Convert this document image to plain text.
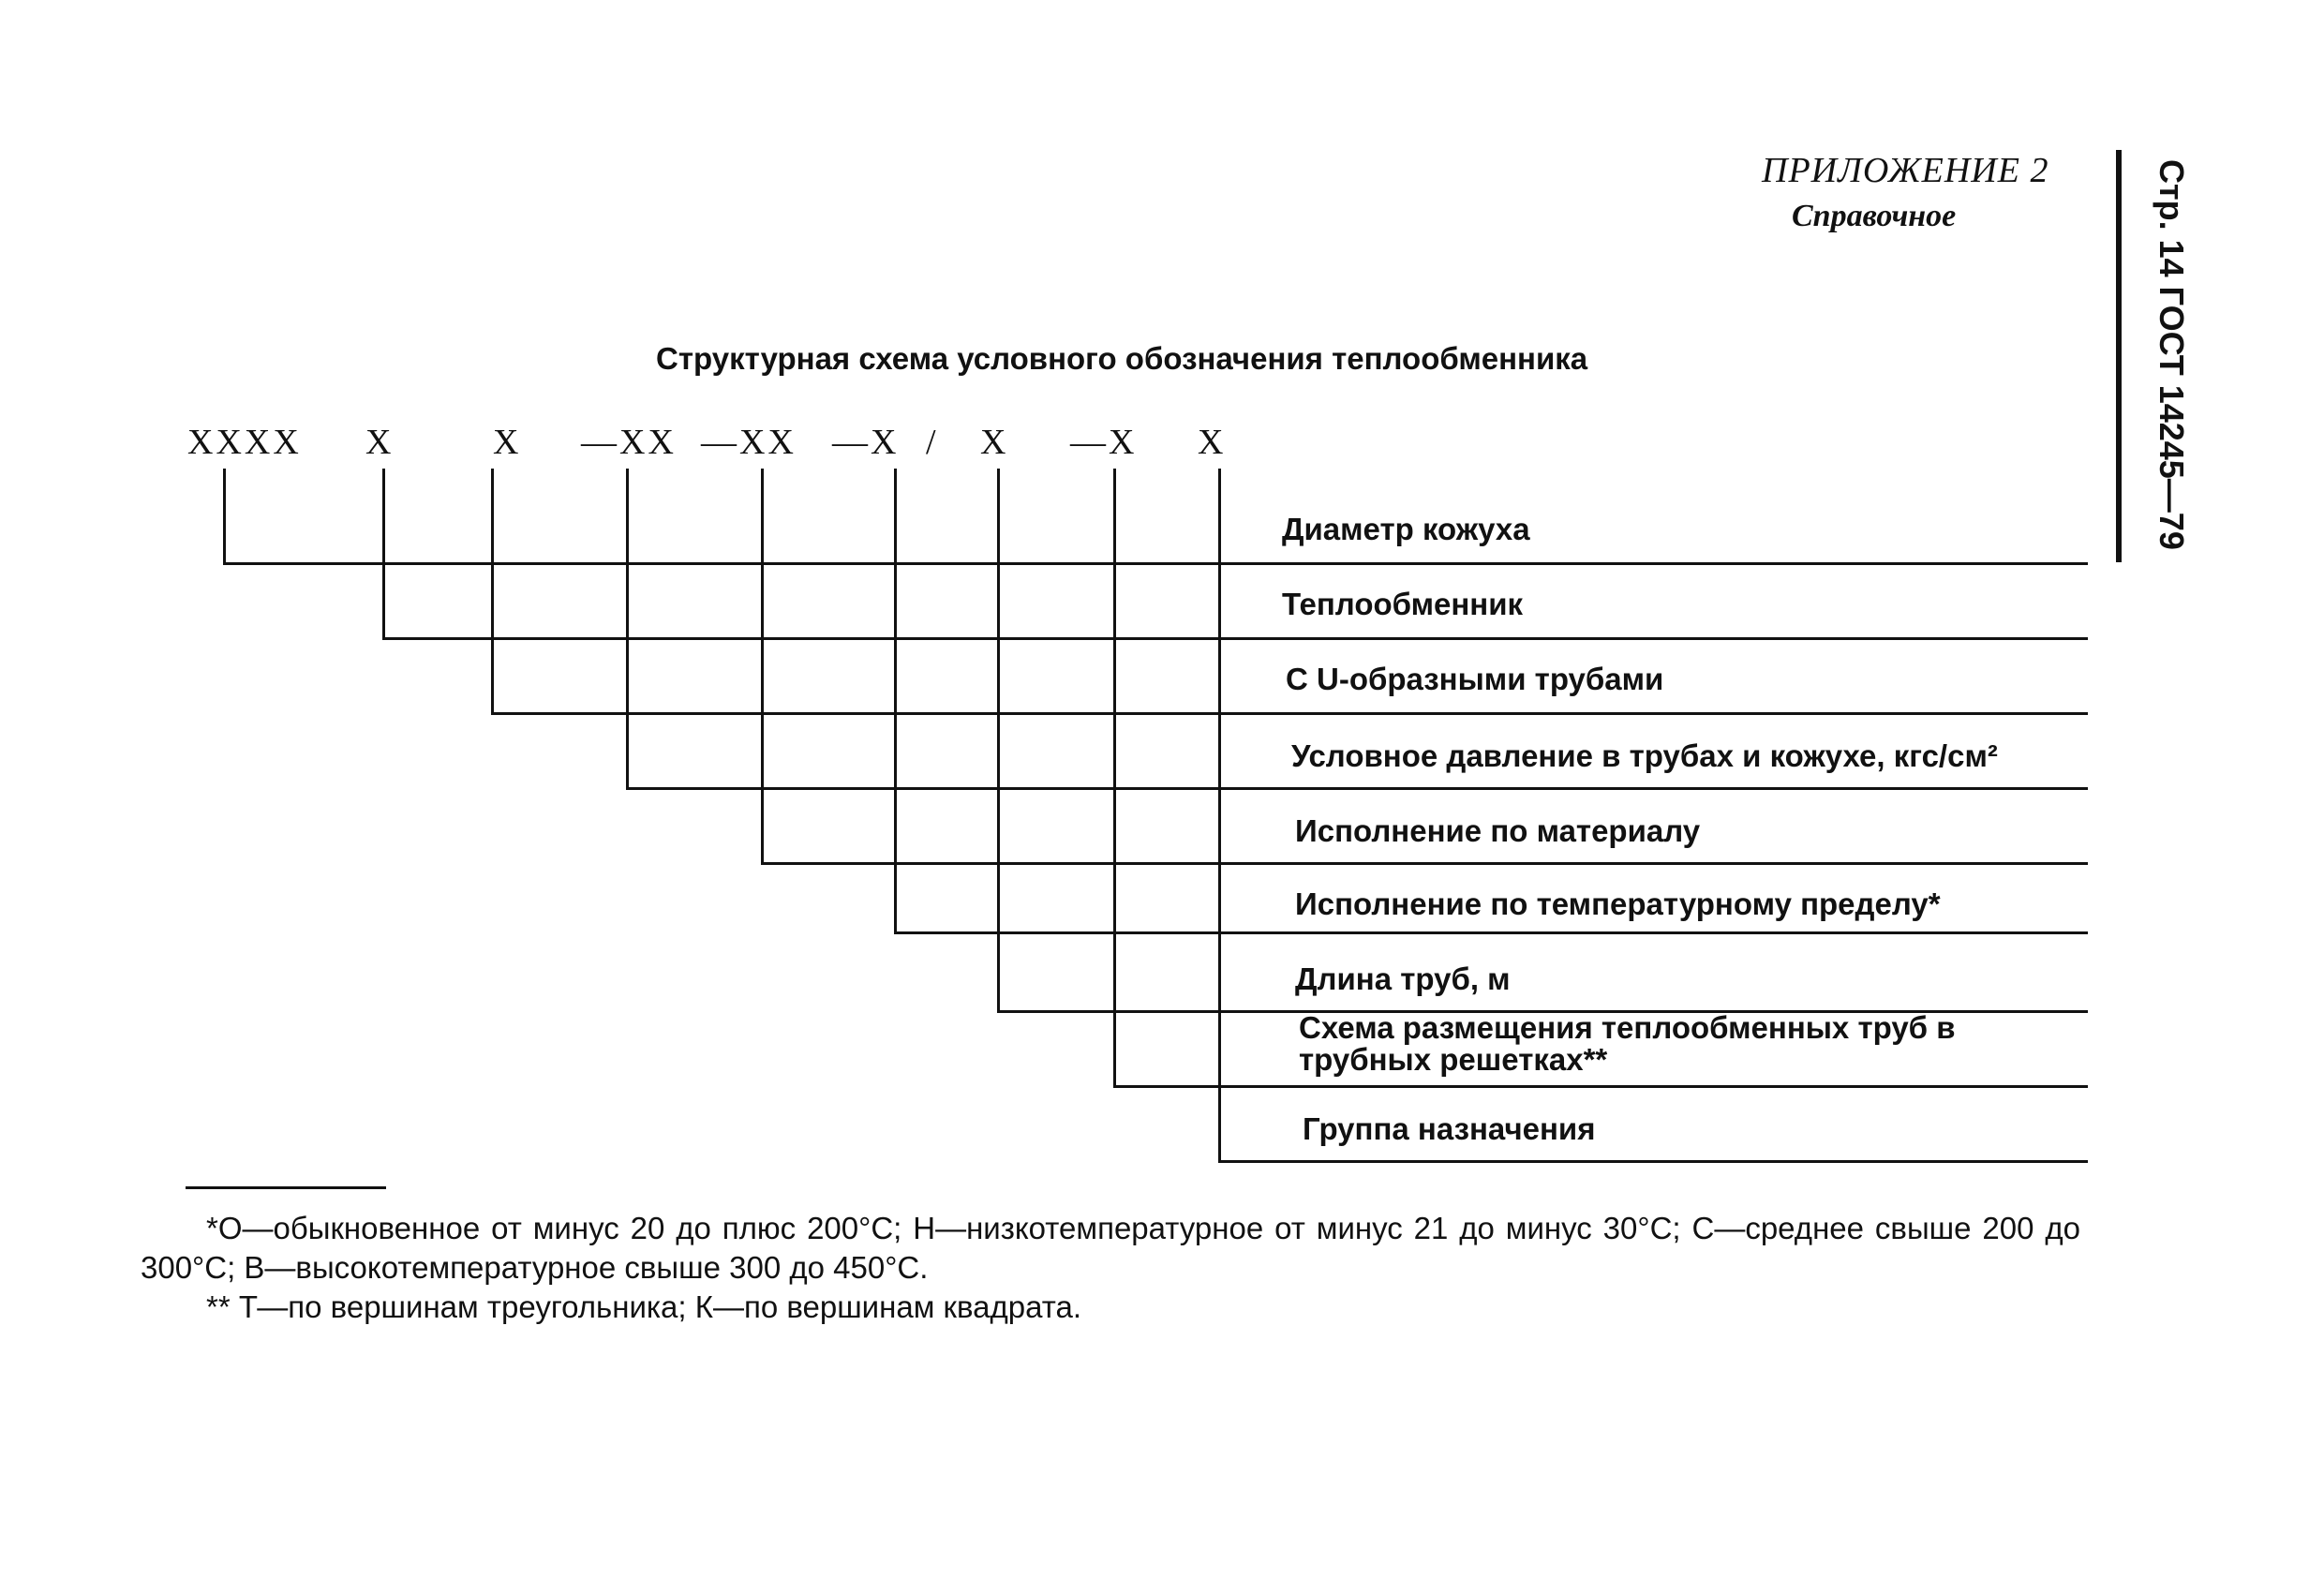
ПРИЛОЖЕНИЕ 2
Справочное	Стр. 14 ГОСТ 14245—79
Структурная схема условного обозначения теплообменника
XXXX X	X —XX —XX —X / X —X X
Диаметр кожуха
Теплообменник
С U-образными трубами
Условное давление в трубах и кожухе, кгс/см²
Исполнение по материалу
Исполнение по температурному пределу*
Длина труб, м
Схема размещения теплообменных труб в трубных решетках**
Группа назначения

*О—обыкновенное от минус 20 до плюс 200°С; Н—низкотемпературное от минус 21 до минус 30°С; С—среднее свыше 200 до 300°С; В—высокотемпературное свыше 300 до 450°С.

** Т—по вершинам треугольника; К—по вершинам квадрата.
